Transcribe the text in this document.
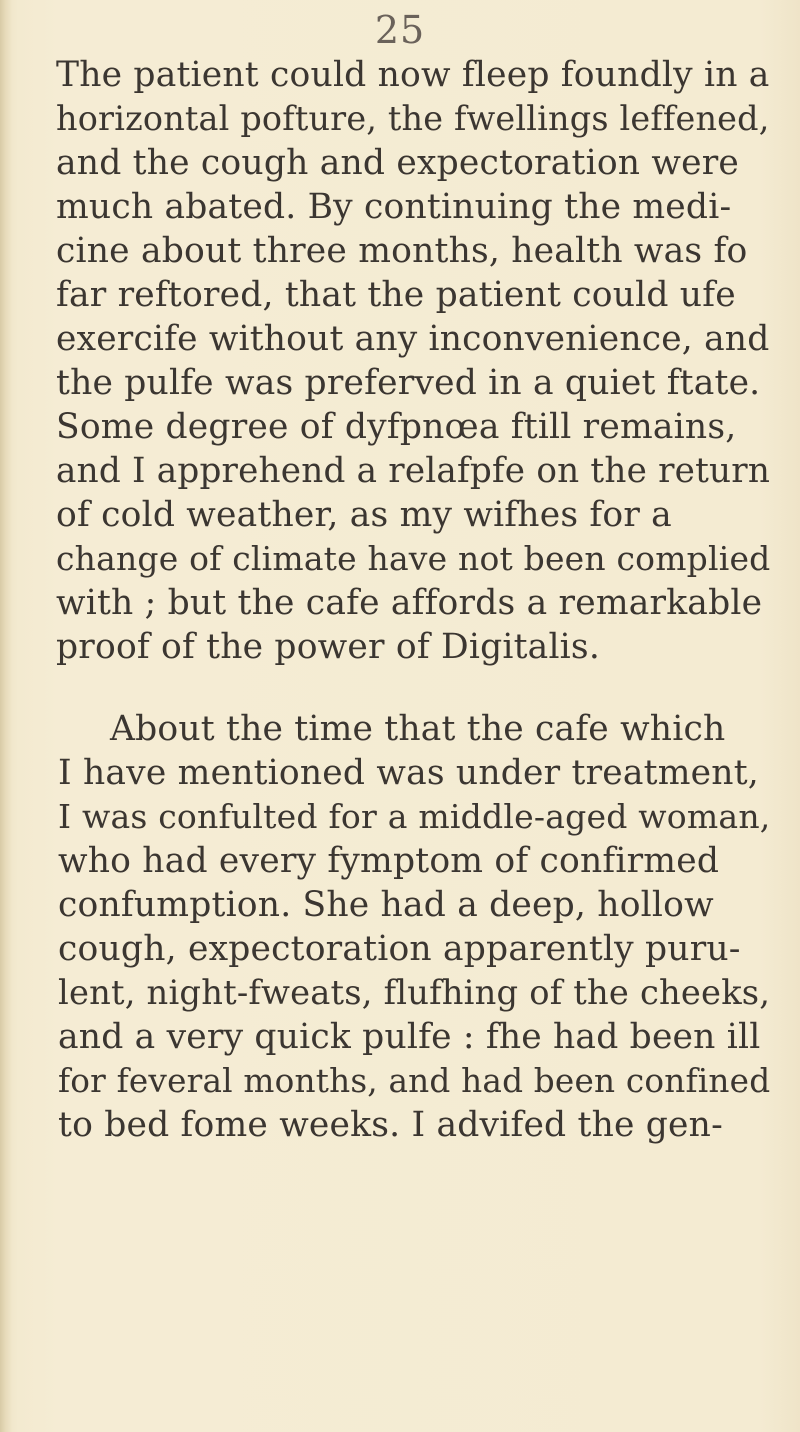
25
The patient could now fleep foundly in a
horizontal pofture, the fwellings leffened,
and the cough and expectoration were
much abated. By continuing the medi-
cine about three months, health was fo
far reftored, that the patient could ufe
exercife without any inconvenience, and
the pulfe was preferved in a quiet ftate.
Some degree of dyfpnœa ftill remains,
and I apprehend a relafpfe on the return
of cold weather, as my wifhes for a
change of climate have not been complied
with ; but the cafe affords a remarkable
proof of the power of Digitalis.
About the time that the cafe which
I have mentioned was under treatment,
I was confulted for a middle-aged woman,
who had every fymptom of confirmed
confumption. She had a deep, hollow
cough, expectoration apparently puru-
lent, night-fweats, flufhing of the cheeks,
and a very quick pulfe : fhe had been ill
for feveral months, and had been confined
to bed fome weeks. I advifed the gen-
